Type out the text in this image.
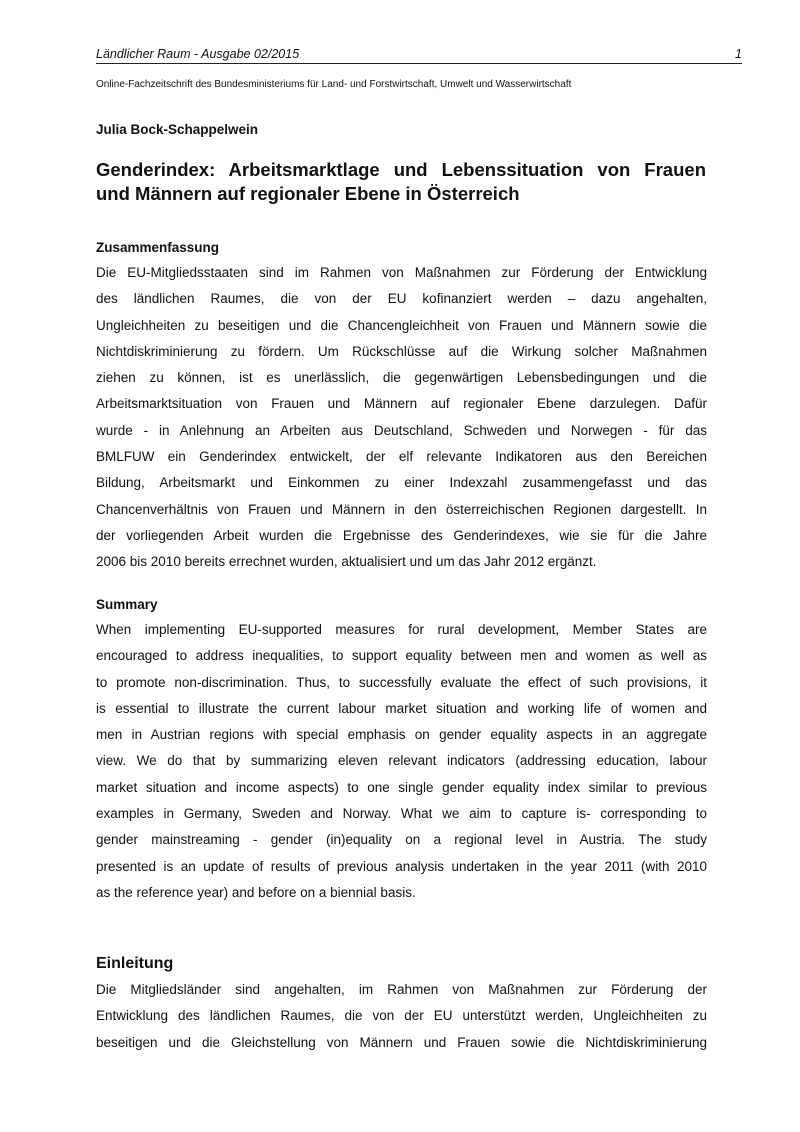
Ländlicher Raum - Ausgabe 02/2015	1
Online-Fachzeitschrift des Bundesministeriums für Land- und Forstwirtschaft, Umwelt und Wasserwirtschaft
Julia Bock-Schappelwein
Genderindex: Arbeitsmarktlage und Lebenssituation von Frauen
und Männern auf regionaler Ebene in Österreich
Zusammenfassung
Die EU-Mitgliedsstaaten sind im Rahmen von Maßnahmen zur Förderung der Entwicklung
des ländlichen Raumes, die von der EU kofinanziert werden – dazu angehalten,
Ungleichheiten zu beseitigen und die Chancengleichheit von Frauen und Männern sowie die
Nichtdiskriminierung zu fördern. Um Rückschlüsse auf die Wirkung solcher Maßnahmen
ziehen zu können, ist es unerlässlich, die gegenwärtigen Lebensbedingungen und die
Arbeitsmarktsituation von Frauen und Männern auf regionaler Ebene darzulegen. Dafür
wurde - in Anlehnung an Arbeiten aus Deutschland, Schweden und Norwegen - für das
BMLFUW ein Genderindex entwickelt, der elf relevante Indikatoren aus den Bereichen
Bildung, Arbeitsmarkt und Einkommen zu einer Indexzahl zusammengefasst und das
Chancenverhältnis von Frauen und Männern in den österreichischen Regionen dargestellt. In
der vorliegenden Arbeit wurden die Ergebnisse des Genderindexes, wie sie für die Jahre
2006 bis 2010 bereits errechnet wurden, aktualisiert und um das Jahr 2012 ergänzt.
Summary
When implementing EU-supported measures for rural development, Member States are
encouraged to address inequalities, to support equality between men and women as well as
to promote non-discrimination. Thus, to successfully evaluate the effect of such provisions, it
is essential to illustrate the current labour market situation and working life of women and
men in Austrian regions with special emphasis on gender equality aspects in an aggregate
view. We do that by summarizing eleven relevant indicators (addressing education, labour
market situation and income aspects) to one single gender equality index similar to previous
examples in Germany, Sweden and Norway. What we aim to capture is- corresponding to
gender mainstreaming - gender (in)equality on a regional level in Austria. The study
presented is an update of results of previous analysis undertaken in the year 2011 (with 2010
as the reference year) and before on a biennial basis.
Einleitung
Die Mitgliedsländer sind angehalten, im Rahmen von Maßnahmen zur Förderung der
Entwicklung des ländlichen Raumes, die von der EU unterstützt werden, Ungleichheiten zu
beseitigen und die Gleichstellung von Männern und Frauen sowie die Nichtdiskriminierung
